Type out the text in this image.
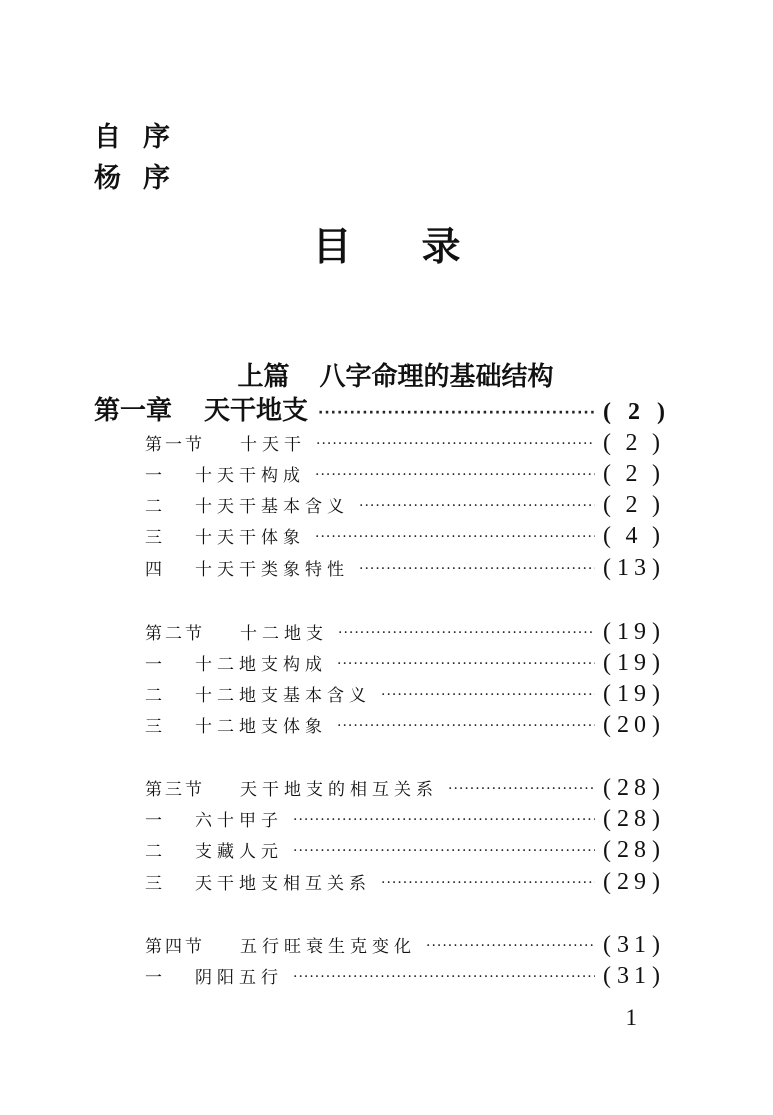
自序
杨序
目录

上篇 八字命理的基础结构

第一章 天干地支 ·····	( 2 )
第一节 十天干 ·····	( 2 )
一 十天干构成 ·····	( 2 )
二 十天干基本含义 ·····	( 2 )
三 十天干体象 ·····	( 4 )
四 十天干类象特性 ·····	( 13 )
第二节 十二地支 ·····	( 19 )
一 十二地支构成 ·····	( 19 )
二 十二地支基本含义 ·····	( 19 )
三 十二地支体象 ·····	( 20 )
第三节 天干地支的相互关系 ·····	( 28 )
一 六十甲子 ·····	( 28 )
二 支藏人元 ·····	( 28 )
三 天干地支相互关系 ·····	( 29 )
第四节 五行旺衰生克变化 ·····	( 31 )
一 阴阳五行 ·····	( 31 )
1
